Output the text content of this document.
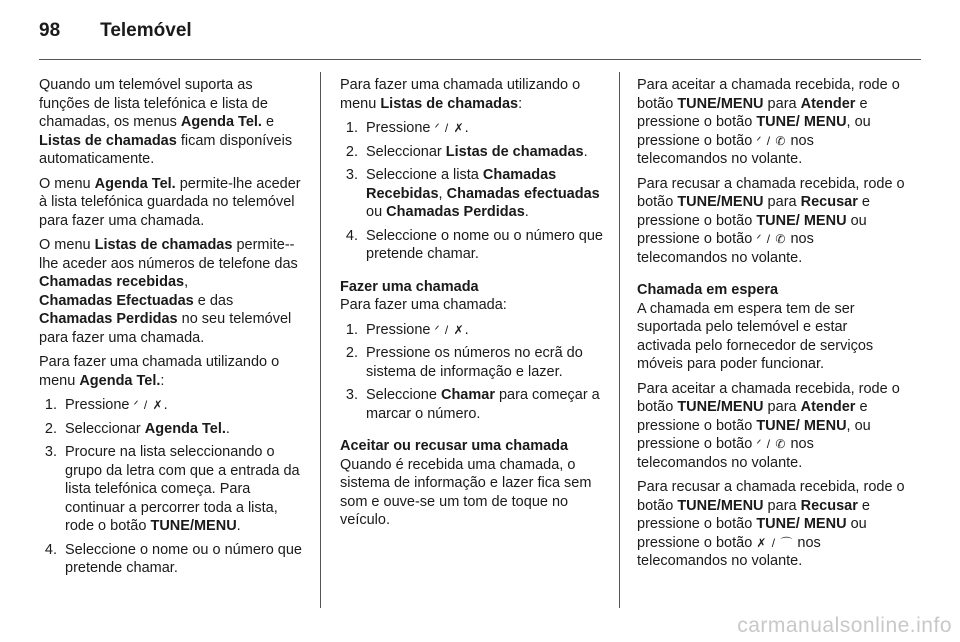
98 Telemóvel

Quando um telemóvel suporta as funções de lista telefónica e lista de chamadas, os menus Agenda Tel. e
Listas de chamadas ficam disponíveis automaticamente.

O menu Agenda Tel. permite-lhe aceder à lista telefónica guardada no telemóvel para fazer uma chamada.

O menu Listas de chamadas permite--lhe aceder aos números de telefone das Chamadas recebidas,
Chamadas Efectuadas e das
Chamadas Perdidas no seu telemóvel para fazer uma chamada.

Para fazer uma chamada utilizando o menu Agenda Tel.:

1. Pressione ᐟ / ✗.
2. Seleccionar Agenda Tel..
3. Procure na lista seleccionando o grupo da letra com que a entrada da lista telefónica começa. Para continuar a percorrer toda a lista, rode o botão TUNE/MENU.
4. Seleccione o nome ou o número que pretende chamar.

Para fazer uma chamada utilizando o menu Listas de chamadas:

1. Pressione ᐟ / ✗.
2. Seleccionar Listas de chamadas.
3. Seleccione a lista Chamadas Recebidas, Chamadas efectuadas ou Chamadas Perdidas.
4. Seleccione o nome ou o número que pretende chamar.

Fazer uma chamada

Para fazer uma chamada:

1. Pressione ᐟ / ✗.
2. Pressione os números no ecrã do sistema de informação e lazer.
3. Seleccione Chamar para começar a marcar o número.

Aceitar ou recusar uma chamada

Quando é recebida uma chamada, o sistema de informação e lazer fica sem som e ouve-se um tom de toque no veículo.

Para aceitar a chamada recebida, rode o botão TUNE/MENU para Atender e pressione o botão TUNE/ MENU, ou pressione o botão ᐟ / ✆ nos telecomandos no volante.

Para recusar a chamada recebida, rode o botão TUNE/MENU para Recusar e pressione o botão TUNE/ MENU ou pressione o botão ᐟ / ✆ nos telecomandos no volante.

Chamada em espera

A chamada em espera tem de ser suportada pelo telemóvel e estar activada pelo fornecedor de serviços móveis para poder funcionar.

Para aceitar a chamada recebida, rode o botão TUNE/MENU para Atender e pressione o botão TUNE/ MENU, ou pressione o botão ᐟ / ✆ nos telecomandos no volante.

Para recusar a chamada recebida, rode o botão TUNE/MENU para Recusar e pressione o botão TUNE/ MENU ou pressione o botão ✗ / ⌒ nos telecomandos no volante.

carmanualsonline.info
